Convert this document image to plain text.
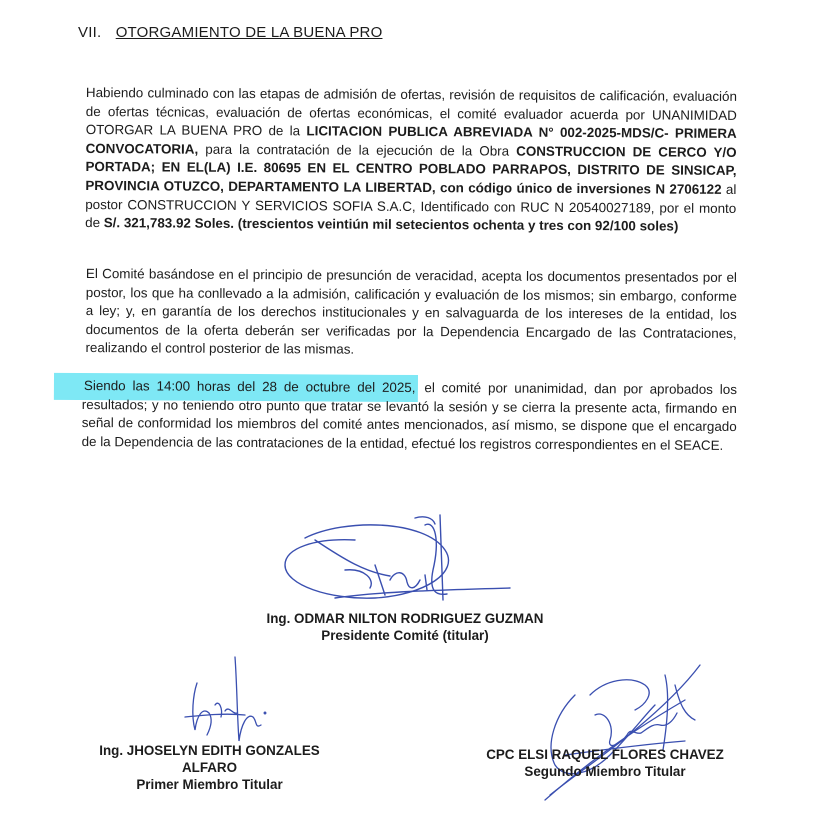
VII. OTORGAMIENTO DE LA BUENA PRO

Habiendo culminado con las etapas de admisión de ofertas, revisión de requisitos de calificación, evaluación de ofertas técnicas, evaluación de ofertas económicas, el comité evaluador acuerda por UNANIMIDAD OTORGAR LA BUENA PRO de la LICITACION PUBLICA ABREVIADA N° 002-2025-MDS/C- PRIMERA CONVOCATORIA, para la contratación de la ejecución de la Obra CONSTRUCCION DE CERCO Y/O PORTADA; EN EL(LA) I.E. 80695 EN EL CENTRO POBLADO PARRAPOS, DISTRITO DE SINSICAP, PROVINCIA OTUZCO, DEPARTAMENTO LA LIBERTAD, con código único de inversiones N 2706122 al postor CONSTRUCCION Y SERVICIOS SOFIA S.A.C, Identificado con RUC N 20540027189, por el monto de S/. 321,783.92 Soles. (trescientos veintiún mil setecientos ochenta y tres con 92/100 soles)

El Comité basándose en el principio de presunción de veracidad, acepta los documentos presentados por el postor, los que ha conllevado a la admisión, calificación y evaluación de los mismos; sin embargo, conforme a ley; y, en garantía de los derechos institucionales y en salvaguarda de los intereses de la entidad, los documentos de la oferta deberán ser verificadas por la Dependencia Encargado de las Contrataciones, realizando el control posterior de las mismas.

Siendo las 14:00 horas del 28 de octubre del 2025, el comité por unanimidad, dan por aprobados los resultados; y no teniendo otro punto que tratar se levantó la sesión y se cierra la presente acta, firmando en señal de conformidad los miembros del comité antes mencionados, así mismo, se dispone que el encargado de la Dependencia de las contrataciones de la entidad, efectué los registros correspondientes en el SEACE.

Ing. ODMAR NILTON RODRIGUEZ GUZMAN
Presidente Comité (titular)
Ing. JHOSELYN EDITH GONZALES ALFARO
Primer Miembro Titular
CPC ELSI RAQUEL FLORES CHAVEZ
Segundo Miembro Titular
